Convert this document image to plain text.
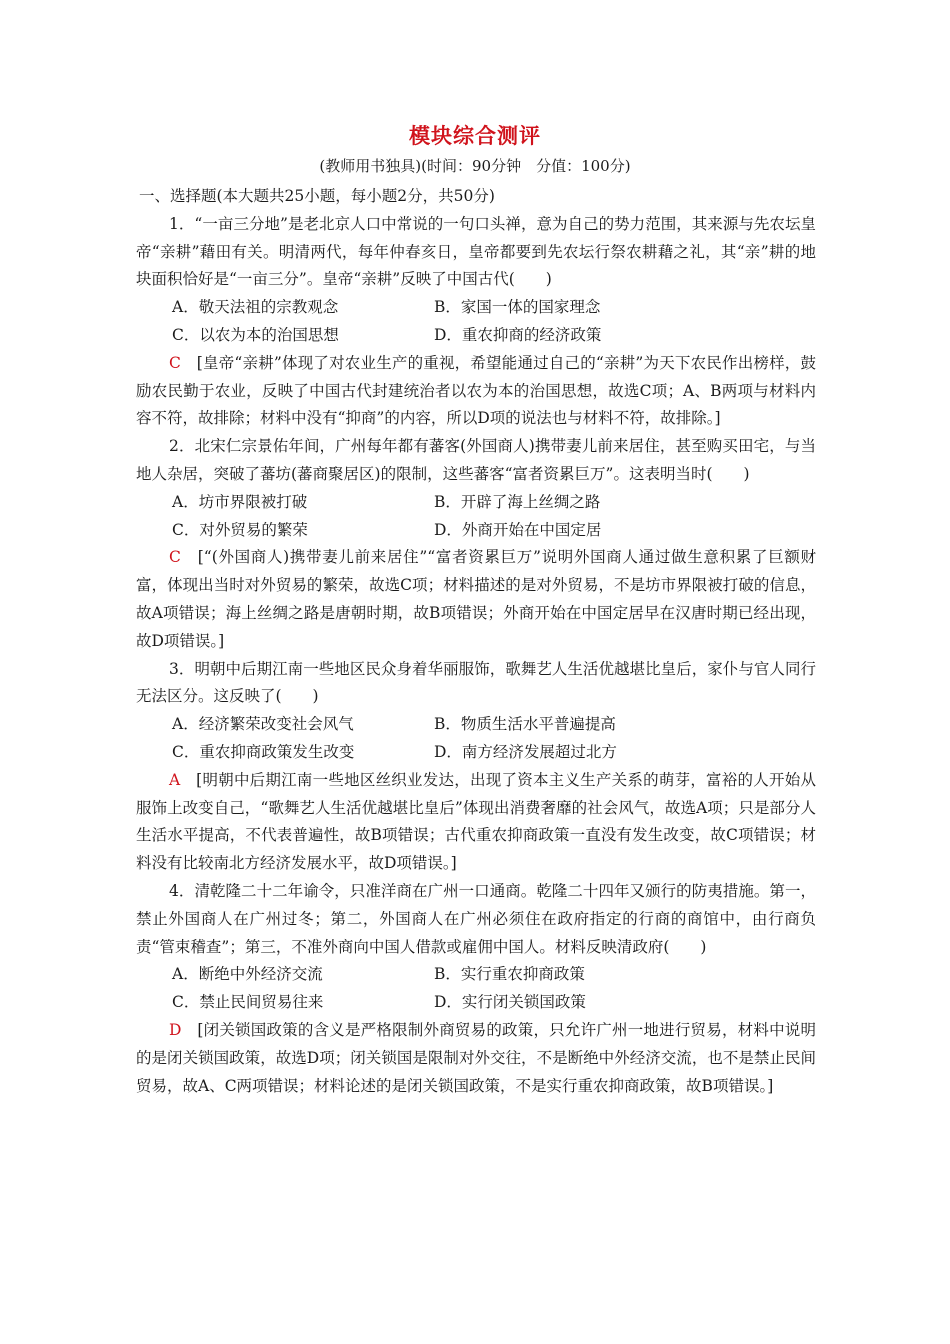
模块综合测评
(教师用书独具)(时间：90分钟　分值：100分)

一、选择题(本大题共25小题，每小题2分，共50分)

1．“一亩三分地”是老北京人口中常说的一句口头禅，意为自己的势力范围，其来源与先农坛皇帝“亲耕”藉田有关。明清两代，每年仲春亥日，皇帝都要到先农坛行祭农耕藉之礼，其“亲”耕的地块面积恰好是“一亩三分”。皇帝“亲耕”反映了中国古代(　　)

A．敬天法祖的宗教观念	B．家国一体的国家理念
C．以农为本的治国思想	D．重农抑商的经济政策

C　[皇帝“亲耕”体现了对农业生产的重视，希望能通过自己的“亲耕”为天下农民作出榜样，鼓励农民勤于农业，反映了中国古代封建统治者以农为本的治国思想，故选C项；A、B两项与材料内容不符，故排除；材料中没有“抑商”的内容，所以D项的说法也与材料不符，故排除。]

2．北宋仁宗景佑年间，广州每年都有蕃客(外国商人)携带妻儿前来居住，甚至购买田宅，与当地人杂居，突破了蕃坊(蕃商聚居区)的限制，这些蕃客“富者资累巨万”。这表明当时(　　)

A．坊市界限被打破	B．开辟了海上丝绸之路
C．对外贸易的繁荣	D．外商开始在中国定居

C　[“(外国商人)携带妻儿前来居住”“富者资累巨万”说明外国商人通过做生意积累了巨额财富，体现出当时对外贸易的繁荣，故选C项；材料描述的是对外贸易，不是坊市界限被打破的信息，故A项错误；海上丝绸之路是唐朝时期，故B项错误；外商开始在中国定居早在汉唐时期已经出现，故D项错误。]

3．明朝中后期江南一些地区民众身着华丽服饰，歌舞艺人生活优越堪比皇后，家仆与官人同行无法区分。这反映了(　　)

A．经济繁荣改变社会风气	B．物质生活水平普遍提高
C．重农抑商政策发生改变	D．南方经济发展超过北方

A　[明朝中后期江南一些地区丝织业发达，出现了资本主义生产关系的萌芽，富裕的人开始从服饰上改变自己，“歌舞艺人生活优越堪比皇后”体现出消费奢靡的社会风气，故选A项；只是部分人生活水平提高，不代表普遍性，故B项错误；古代重农抑商政策一直没有发生改变，故C项错误；材料没有比较南北方经济发展水平，故D项错误。]

4．清乾隆二十二年谕令，只准洋商在广州一口通商。乾隆二十四年又颁行的防夷措施。第一，禁止外国商人在广州过冬；第二，外国商人在广州必须住在政府指定的行商的商馆中，由行商负责“管束稽查”；第三，不准外商向中国人借款或雇佣中国人。材料反映清政府(　　)

A．断绝中外经济交流	B．实行重农抑商政策
C．禁止民间贸易往来	D．实行闭关锁国政策

D　[闭关锁国政策的含义是严格限制外商贸易的政策，只允许广州一地进行贸易，材料中说明的是闭关锁国政策，故选D项；闭关锁国是限制对外交往，不是断绝中外经济交流，也不是禁止民间贸易，故A、C两项错误；材料论述的是闭关锁国政策，不是实行重农抑商政策，故B项错误。]
